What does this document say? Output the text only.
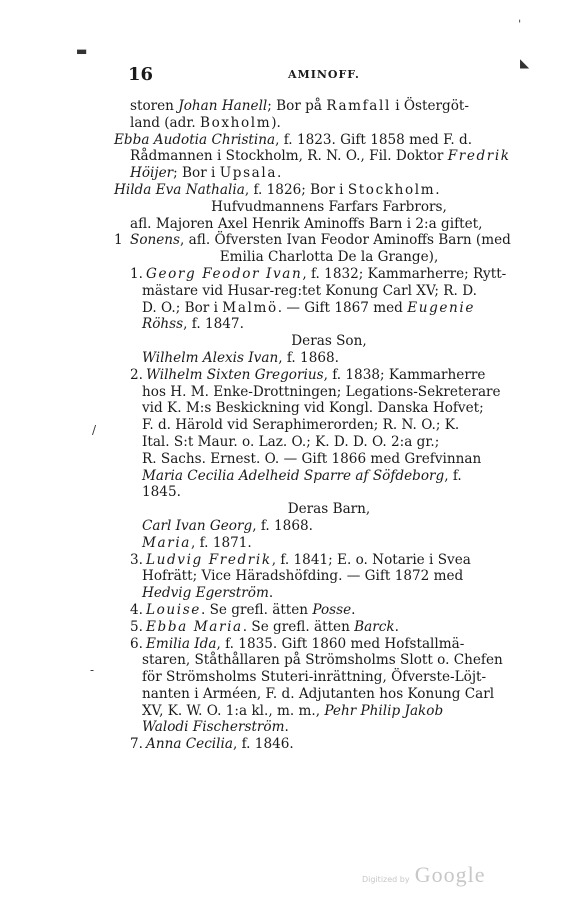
16	AMINOFF.
storen Johan Hanell; Bor på Ramfall i Östergöt-
land (adr. Boxholm).
Ebba Audotia Christina, f. 1823. Gift 1858 med F. d.
Rådmannen i Stockholm, R. N. O., Fil. Doktor Fredrik
Höijer; Bor i Upsala.
Hilda Eva Nathalia, f. 1826; Bor i Stockholm.
Hufvudmannens Farfars Farbrors,
afl. Majoren Axel Henrik Aminoffs Barn i 2:a giftet,
1 Sonens, afl. Öfversten Ivan Feodor Aminoffs Barn (med
Emilia Charlotta De la Grange),
1. Georg Feodor Ivan, f. 1832; Kammarherre; Rytt-
mästare vid Husar-reg:tet Konung Carl XV; R. D.
D. O.; Bor i Malmö. — Gift 1867 med Eugenie
Röhss, f. 1847.
Deras Son,
Wilhelm Alexis Ivan, f. 1868.
2. Wilhelm Sixten Gregorius, f. 1838; Kammarherre
hos H. M. Enke-Drottningen; Legations-Sekreterare
vid K. M:s Beskickning vid Kongl. Danska Hofvet;
F. d. Härold vid Seraphimerorden; R. N. O.; K.
Ital. S:t Maur. o. Laz. O.; K. D. D. O. 2:a gr.;
R. Sachs. Ernest. O. — Gift 1866 med Grefvinnan
Maria Cecilia Adelheid Sparre af Söfdeborg, f.
1845.
Deras Barn,
Carl Ivan Georg, f. 1868.
Maria, f. 1871.
3. Ludvig Fredrik, f. 1841; E. o. Notarie i Svea
Hofrätt; Vice Häradshöfding. — Gift 1872 med
Hedvig Egerström.
4. Louise. Se grefl. ätten Posse.
5. Ebba Maria. Se grefl. ätten Barck.
6. Emilia Ida, f. 1835. Gift 1860 med Hofstallmä-
staren, Ståthållaren på Strömsholms Slott o. Chefen
för Strömsholms Stuteri-inrättning, Öfverste-Löjt-
nanten i Arméen, F. d. Adjutanten hos Konung Carl
XV, K. W. O. 1:a kl., m. m., Pehr Philip Jakob
Walodi Fischerström.
7. Anna Cecilia, f. 1846.
▬
ˈ
◣
/
-
Digitized by Google
